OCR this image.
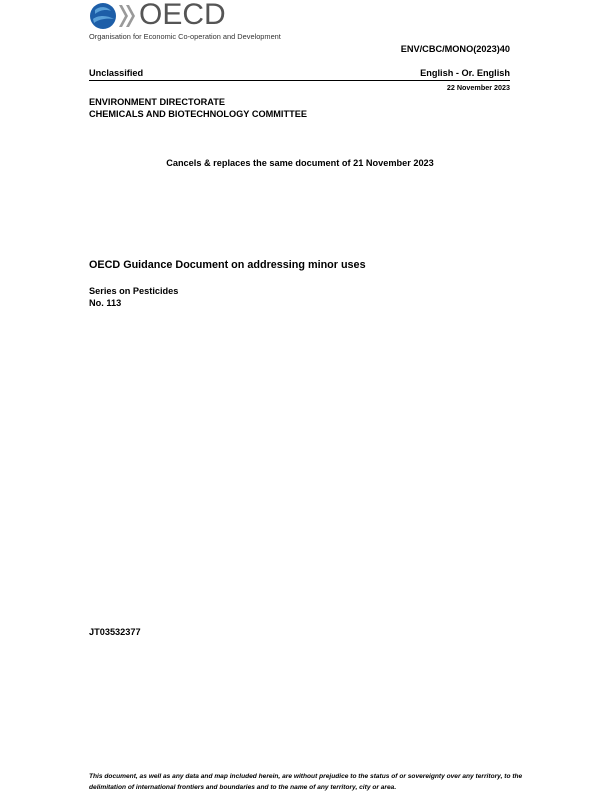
OECD
Organisation for Economic Co-operation and Development
ENV/CBC/MONO(2023)40
Unclassified	English - Or. English
22 November 2023
ENVIRONMENT DIRECTORATE
CHEMICALS AND BIOTECHNOLOGY COMMITTEE
Cancels & replaces the same document of 21 November 2023
OECD Guidance Document on addressing minor uses
Series on Pesticides
No. 113
JT03532377
This document, as well as any data and map included herein, are without prejudice to the status of or sovereignty over any territory, to the
delimitation of international frontiers and boundaries and to the name of any territory, city or area.
